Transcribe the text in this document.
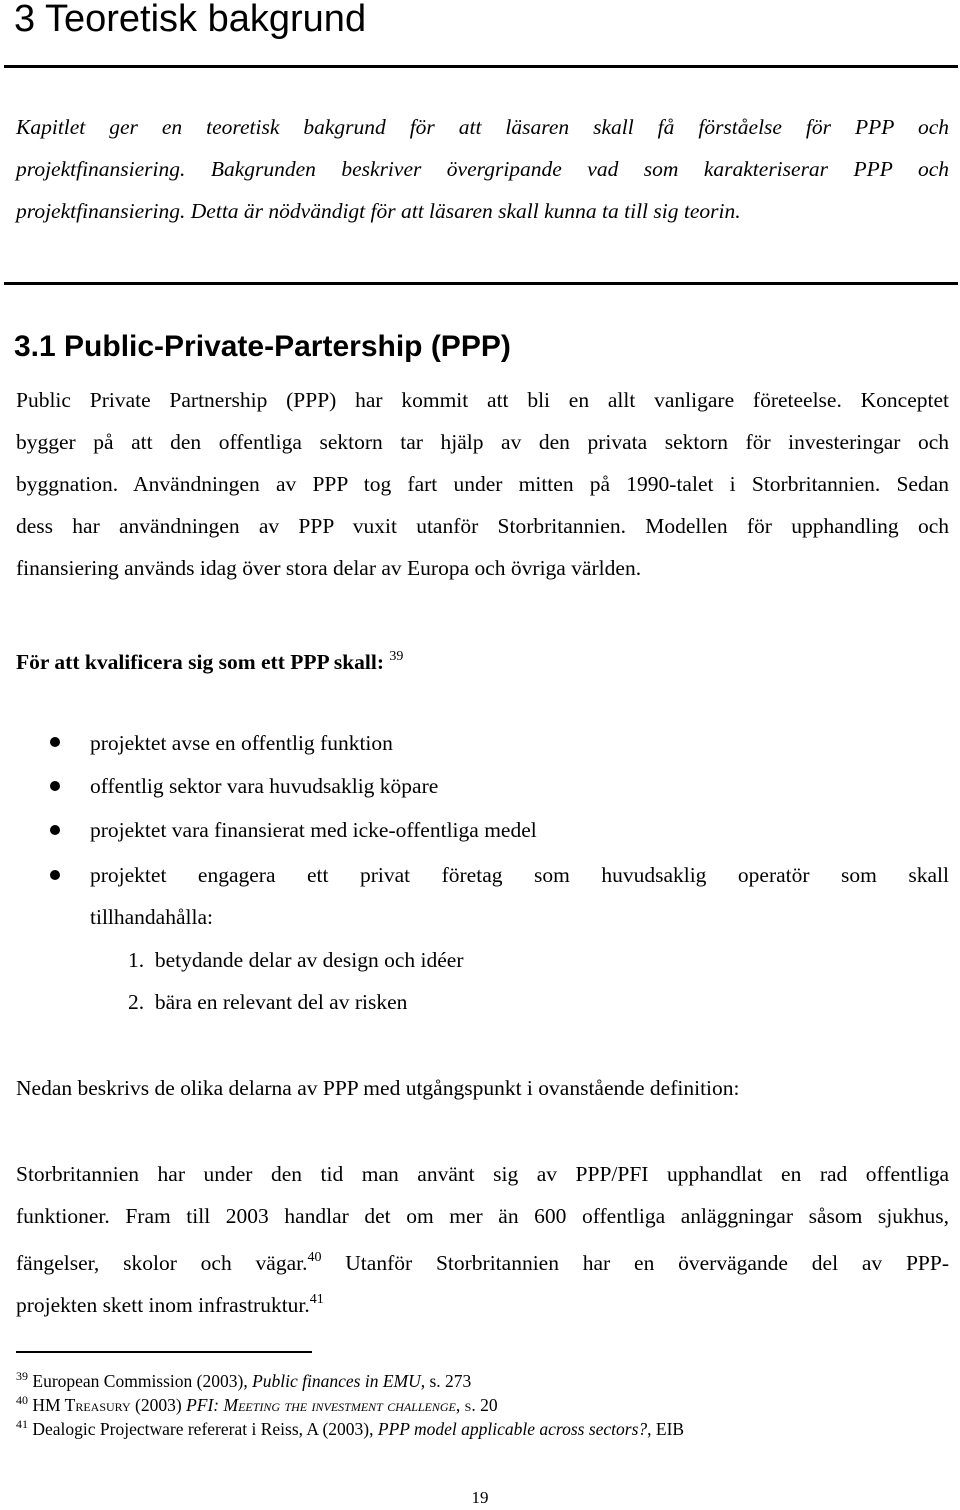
3 Teoretisk bakgrund
Kapitlet ger en teoretisk bakgrund för att läsaren skall få förståelse för PPP och
projektfinansiering. Bakgrunden beskriver övergripande vad som karakteriserar PPP och
projektfinansiering. Detta är nödvändigt för att läsaren skall kunna ta till sig teorin.
3.1 Public-Private-Partership (PPP)
Public Private Partnership (PPP) har kommit att bli en allt vanligare företeelse. Konceptet
bygger på att den offentliga sektorn tar hjälp av den privata sektorn för investeringar och
byggnation. Användningen av PPP tog fart under mitten på 1990-talet i Storbritannien. Sedan
dess har användningen av PPP vuxit utanför Storbritannien. Modellen för upphandling och
finansiering används idag över stora delar av Europa och övriga världen.

För att kvalificera sig som ett PPP skall: $^{39}$

projektet avse en offentlig funktion
offentlig sektor vara huvudsaklig köpare
projektet vara finansierat med icke-offentliga medel
projektet engagera ett privat företag som huvudsaklig operatör som skall
tillhandahålla:

1. betydande delar av design och idéer

2. bära en relevant del av risken

Nedan beskrivs de olika delarna av PPP med utgångspunkt i ovanstående definition:
Storbritannien har under den tid man använt sig av PPP/PFI upphandlat en rad offentliga
funktioner. Fram till 2003 handlar det om mer än 600 offentliga anläggningar såsom sjukhus,
fängelser, skolor och vägar.$^{40}$ Utanför Storbritannien har en övervägande del av PPP-
projekten skett inom infrastruktur.$^{41}$

$^{39}$ European Commission (2003), Public finances in EMU, s. 273

$^{40}$ HM Treasury (2003) PFI: Meeting the investment challenge, s. 20

$^{41}$ Dealogic Projectware refererat i Reiss, A (2003), PPP model applicable across sectors?, EIB

19
